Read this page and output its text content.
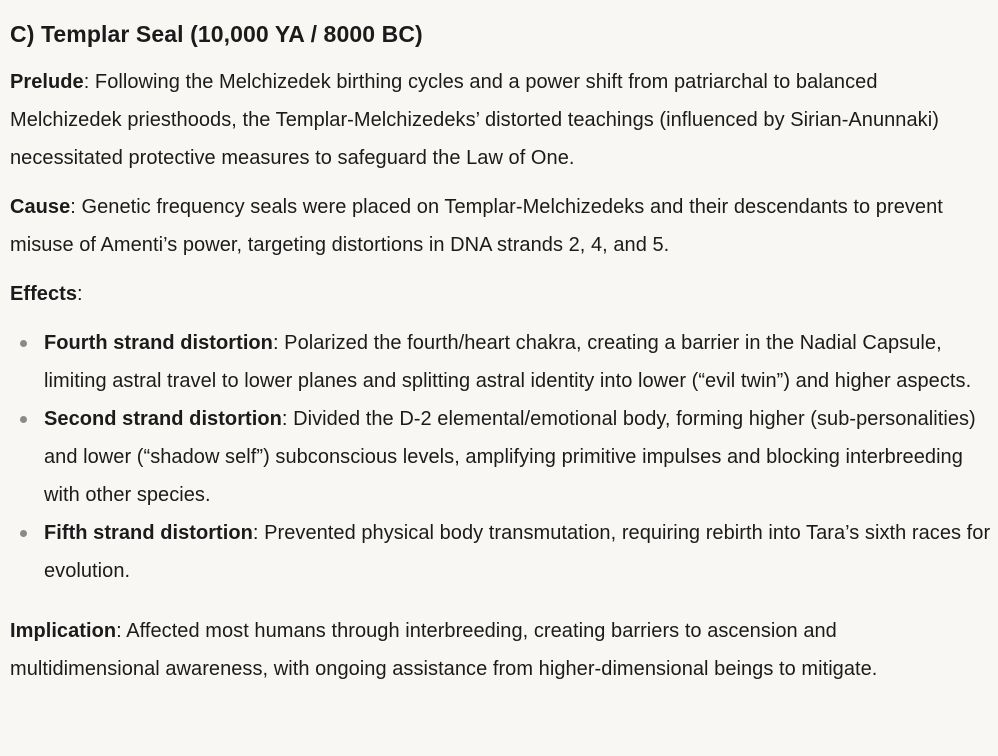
C) Templar Seal (10,000 YA / 8000 BC)

Prelude: Following the Melchizedek birthing cycles and a power shift from patriarchal to balanced Melchizedek priesthoods, the Templar-Melchizedeks’ distorted teachings (influenced by Sirian-Anunnaki) necessitated protective measures to safeguard the Law of One.

Cause: Genetic frequency seals were placed on Templar-Melchizedeks and their descendants to prevent misuse of Amenti’s power, targeting distortions in DNA strands 2, 4, and 5.

Effects:

Fourth strand distortion: Polarized the fourth/heart chakra, creating a barrier in the Nadial Capsule, limiting astral travel to lower planes and splitting astral identity into lower (“evil twin”) and higher aspects.
Second strand distortion: Divided the D-2 elemental/emotional body, forming higher (sub-personalities) and lower (“shadow self”) subconscious levels, amplifying primitive impulses and blocking interbreeding with other species.
Fifth strand distortion: Prevented physical body transmutation, requiring rebirth into Tara’s sixth races for evolution.

Implication: Affected most humans through interbreeding, creating barriers to ascension and multidimensional awareness, with ongoing assistance from higher-dimensional beings to mitigate.
